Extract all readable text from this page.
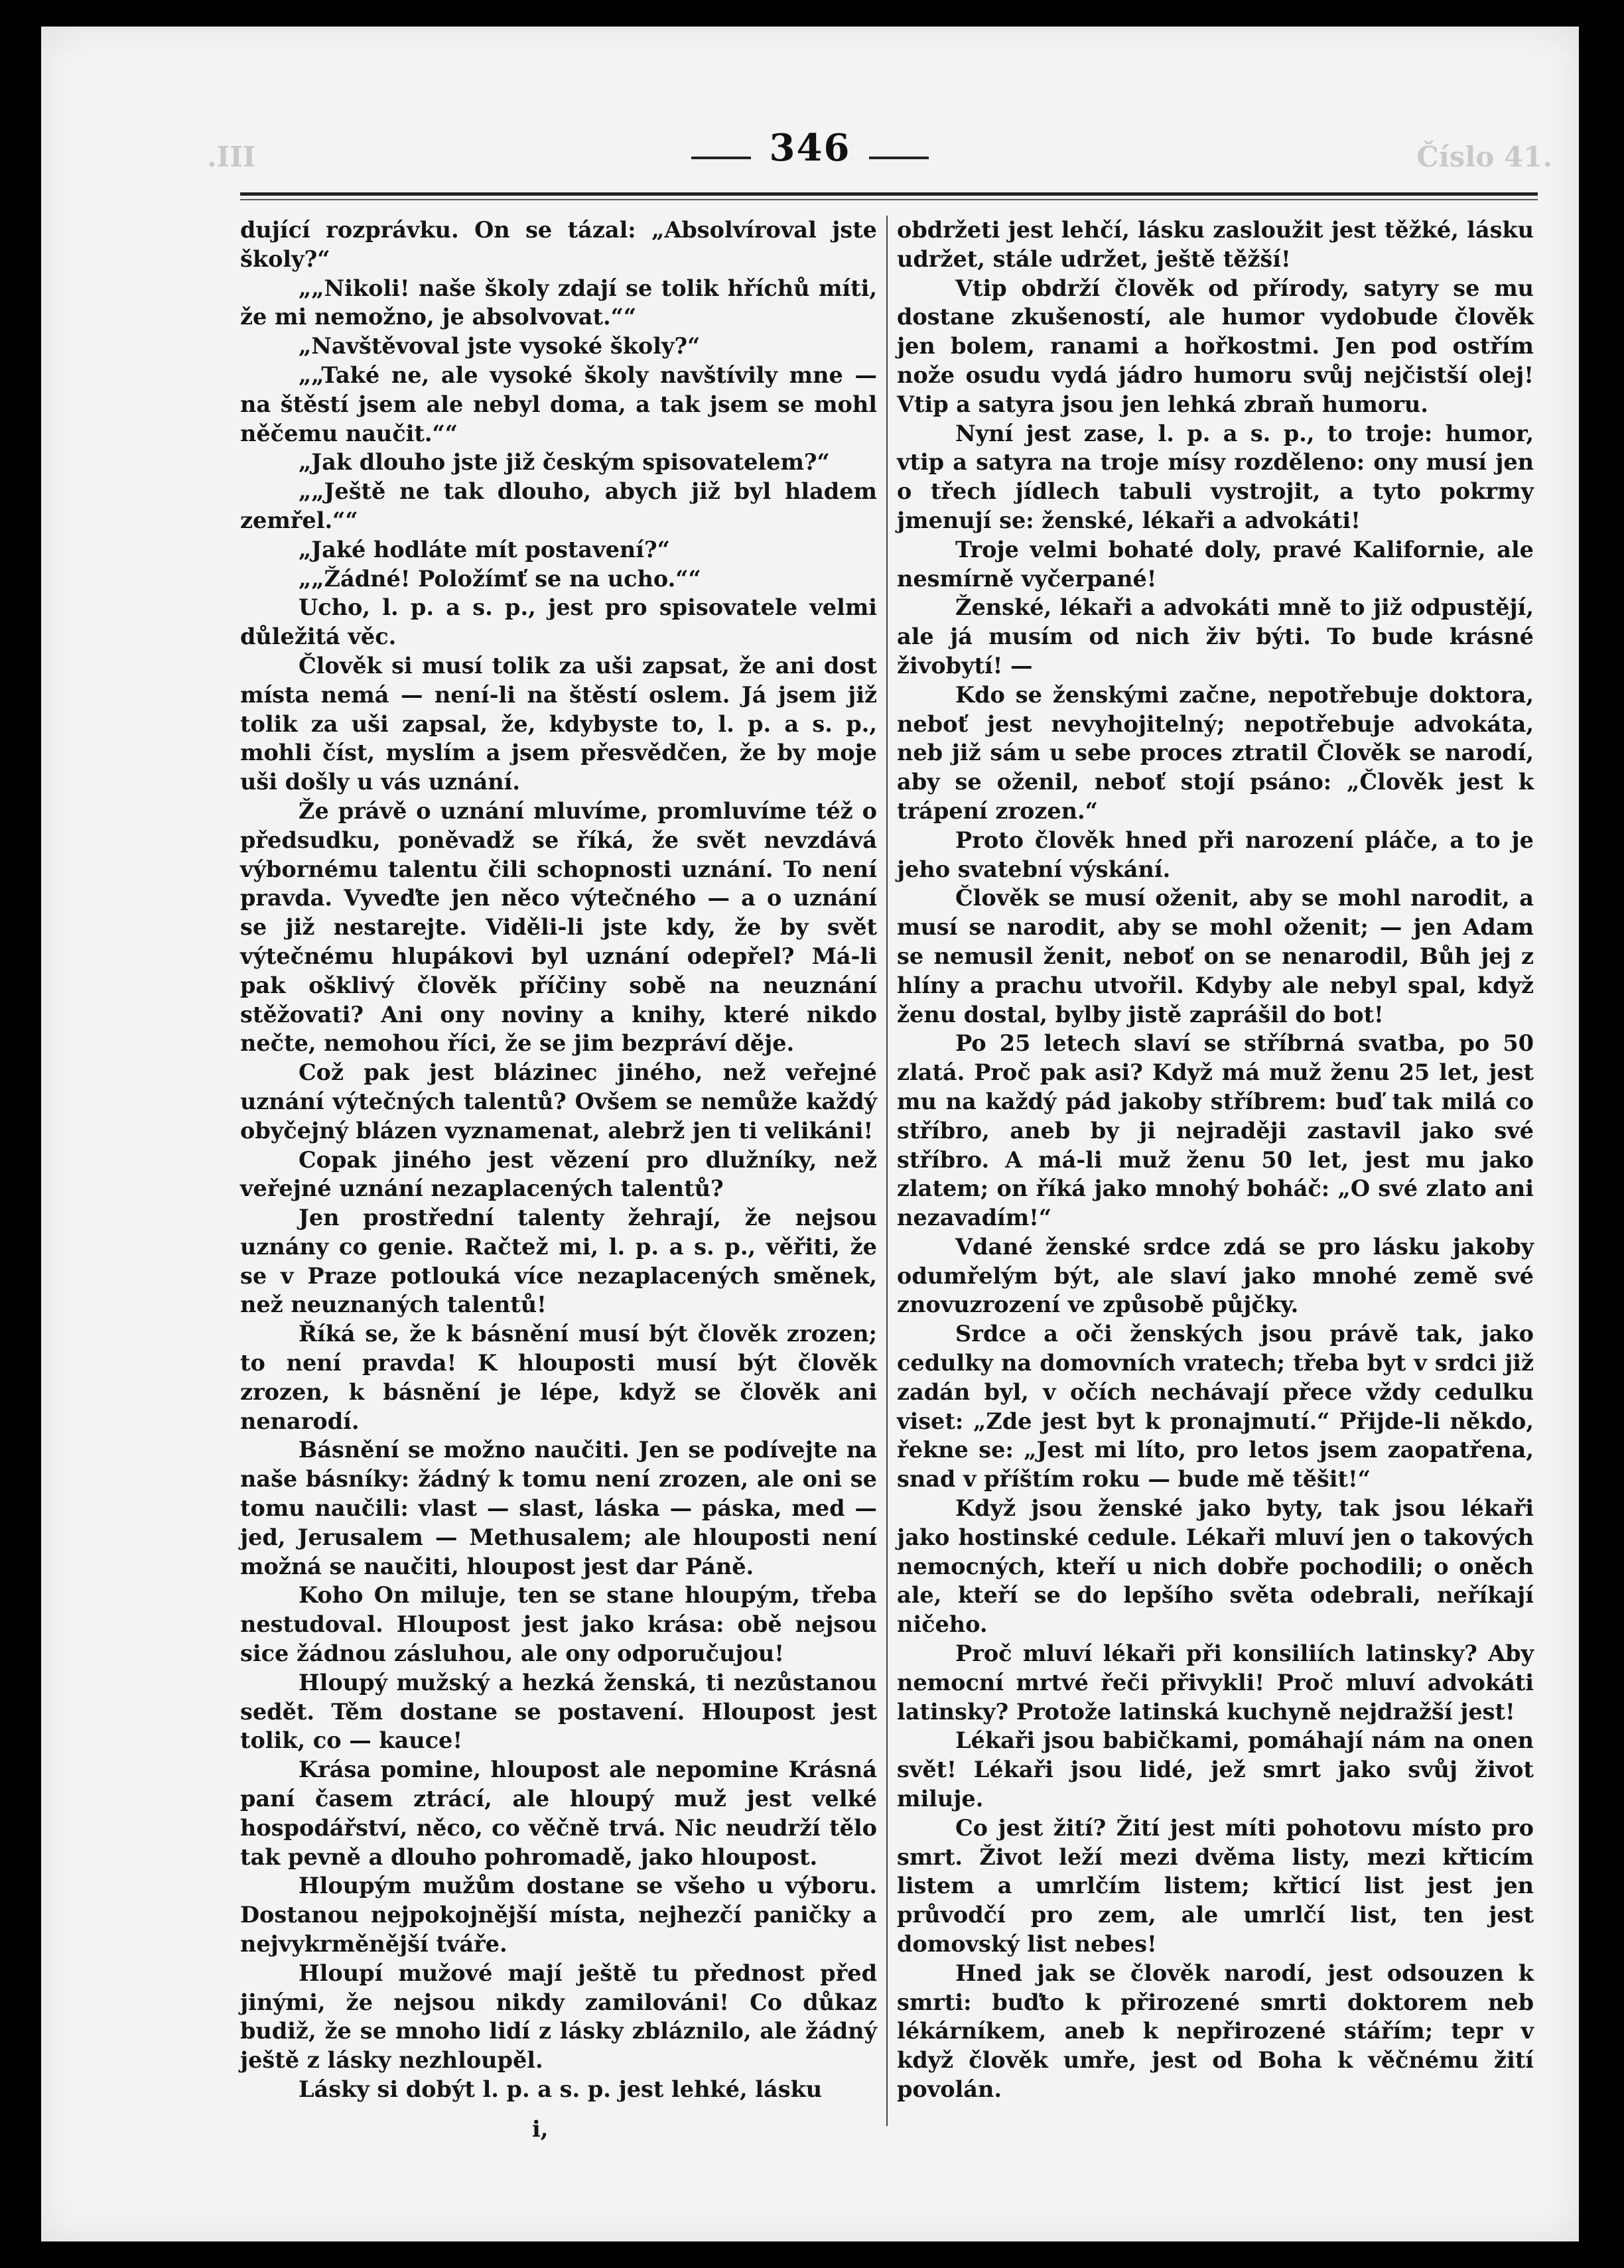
.III	Číslo 41.
346

dující rozprávku. On se tázal: „Absolvíroval jste školy?“

„„Nikoli! naše školy zdají se tolik hříchů míti, že mi nemožno, je absolvovat.““

„Navštěvoval jste vysoké školy?“

„„Také ne, ale vysoké školy navštívily mne — na štěstí jsem ale nebyl doma, a tak jsem se mohl něčemu naučit.““

„Jak dlouho jste již českým spisovatelem?“

„„Ještě ne tak dlouho, abych již byl hladem zemřel.““

„Jaké hodláte mít postavení?“

„„Žádné! Položímť se na ucho.““

Ucho, l. p. a s. p., jest pro spisovatele velmi důležitá věc.

Člověk si musí tolik za uši zapsat, že ani dost místa nemá — není-li na štěstí oslem. Já jsem již tolik za uši zapsal, že, kdybyste to, l. p. a s. p., mohli číst, myslím a jsem přesvědčen, že by moje uši došly u vás uznání.

Že právě o uznání mluvíme, promluvíme též o předsudku, poněvadž se říká, že svět nevzdává výbornému talentu čili schopnosti uznání. To není pravda. Vyveďte jen něco výtečného — a o uznání se již nestarejte. Viděli-li jste kdy, že by svět výtečnému hlupákovi byl uznání odepřel? Má-li pak ošklivý člověk příčiny sobě na neuznání stěžovati? Ani ony noviny a knihy, které nikdo nečte, nemohou říci, že se jim bezpráví děje.

Což pak jest blázinec jiného, než veřejné uznání výtečných talentů? Ovšem se nemůže každý obyčejný blázen vyznamenat, alebrž jen ti velikáni!

Copak jiného jest vězení pro dlužníky, než veřejné uznání nezaplacených talentů?

Jen prostřední talenty žehrají, že nejsou uznány co genie. Račtež mi, l. p. a s. p., věřiti, že se v Praze potlouká více nezaplacených směnek, než neuznaných talentů!

Říká se, že k básnění musí být člověk zrozen; to není pravda! K hlouposti musí být člověk zrozen, k básnění je lépe, když se člověk ani nenarodí.

Básnění se možno naučiti. Jen se podívejte na naše básníky: žádný k tomu není zrozen, ale oni se tomu naučili: vlast — slast, láska — páska, med — jed, Jerusalem — Methusalem; ale hlouposti není možná se naučiti, hloupost jest dar Páně.

Koho On miluje, ten se stane hloupým, třeba nestudoval. Hloupost jest jako krása: obě nejsou sice žádnou zásluhou, ale ony odporučujou!

Hloupý mužský a hezká ženská, ti nezůstanou sedět. Těm dostane se postavení. Hloupost jest tolik, co — kauce!

Krása pomine, hloupost ale nepomine Krásná paní časem ztrácí, ale hloupý muž jest velké hospodářství, něco, co věčně trvá. Nic neudrží tělo tak pevně a dlouho pohromadě, jako hloupost.

Hloupým mužům dostane se všeho u výboru. Dostanou nejpokojnější místa, nejhezčí paničky a nejvykrměnější tváře.

Hloupí mužové mají ještě tu přednost před jinými, že nejsou nikdy zamilováni! Co důkaz budiž, že se mnoho lidí z lásky zbláznilo, ale žádný ještě z lásky nezhloupěl.

Lásky si dobýt l. p. a s. p. jest lehké, lásku

obdržeti jest lehčí, lásku zasloužit jest těžké, lásku udržet, stále udržet, ještě těžší!

Vtip obdrží člověk od přírody, satyry se mu dostane zkušeností, ale humor vydobude člověk jen bolem, ranami a hořkostmi. Jen pod ostřím nože osudu vydá jádro humoru svůj nejčistší olej! Vtip a satyra jsou jen lehká zbraň humoru.

Nyní jest zase, l. p. a s. p., to troje: humor, vtip a satyra na troje mísy rozděleno: ony musí jen o třech jídlech tabuli vystrojit, a tyto pokrmy jmenují se: ženské, lékaři a advokáti!

Troje velmi bohaté doly, pravé Kalifornie, ale nesmírně vyčerpané!

Ženské, lékaři a advokáti mně to již odpustějí, ale já musím od nich živ býti. To bude krásné živobytí! —

Kdo se ženskými začne, nepotřebuje doktora, neboť jest nevyhojitelný; nepotřebuje advokáta, neb již sám u sebe proces ztratil Člověk se narodí, aby se oženil, neboť stojí psáno: „Člověk jest k trápení zrozen.“

Proto člověk hned při narození pláče, a to je jeho svatební výskání.

Člověk se musí oženit, aby se mohl narodit, a musí se narodit, aby se mohl oženit; — jen Adam se nemusil ženit, neboť on se nenarodil, Bůh jej z hlíny a prachu utvořil. Kdyby ale nebyl spal, když ženu dostal, bylby jistě zaprášil do bot!

Po 25 letech slaví se stříbrná svatba, po 50 zlatá. Proč pak asi? Když má muž ženu 25 let, jest mu na každý pád jakoby stříbrem: buď tak milá co stříbro, aneb by ji nejraději zastavil jako své stříbro. A má-li muž ženu 50 let, jest mu jako zlatem; on říká jako mnohý boháč: „O své zlato ani nezavadím!“

Vdané ženské srdce zdá se pro lásku jakoby odumřelým být, ale slaví jako mnohé země své znovuzrození ve způsobě půjčky.

Srdce a oči ženských jsou právě tak, jako cedulky na domovních vratech; třeba byt v srdci již zadán byl, v očích nechávají přece vždy cedulku viset: „Zde jest byt k pronajmutí.“ Přijde-li někdo, řekne se: „Jest mi líto, pro letos jsem zaopatřena, snad v příštím roku — bude mě těšit!“

Když jsou ženské jako byty, tak jsou lékaři jako hostinské cedule. Lékaři mluví jen o takových nemocných, kteří u nich dobře pochodili; o oněch ale, kteří se do lepšího světa odebrali, neříkají ničeho.

Proč mluví lékaři při konsiliích latinsky? Aby nemocní mrtvé řeči přivykli! Proč mluví advokáti latinsky? Protože latinská kuchyně nejdražší jest!

Lékaři jsou babičkami, pomáhají nám na onen svět! Lékaři jsou lidé, jež smrt jako svůj život miluje.

Co jest žití? Žití jest míti pohotovu místo pro smrt. Život leží mezi dvěma listy, mezi křticím listem a umrlčím listem; křticí list jest jen průvodčí pro zem, ale umrlčí list, ten jest domovský list nebes!

Hned jak se člověk narodí, jest odsouzen k smrti: buďto k přirozené smrti doktorem neb lékárníkem, aneb k nepřirozené stářím; tepr v když člověk umře, jest od Boha k věčnému žití povolán.

i,
